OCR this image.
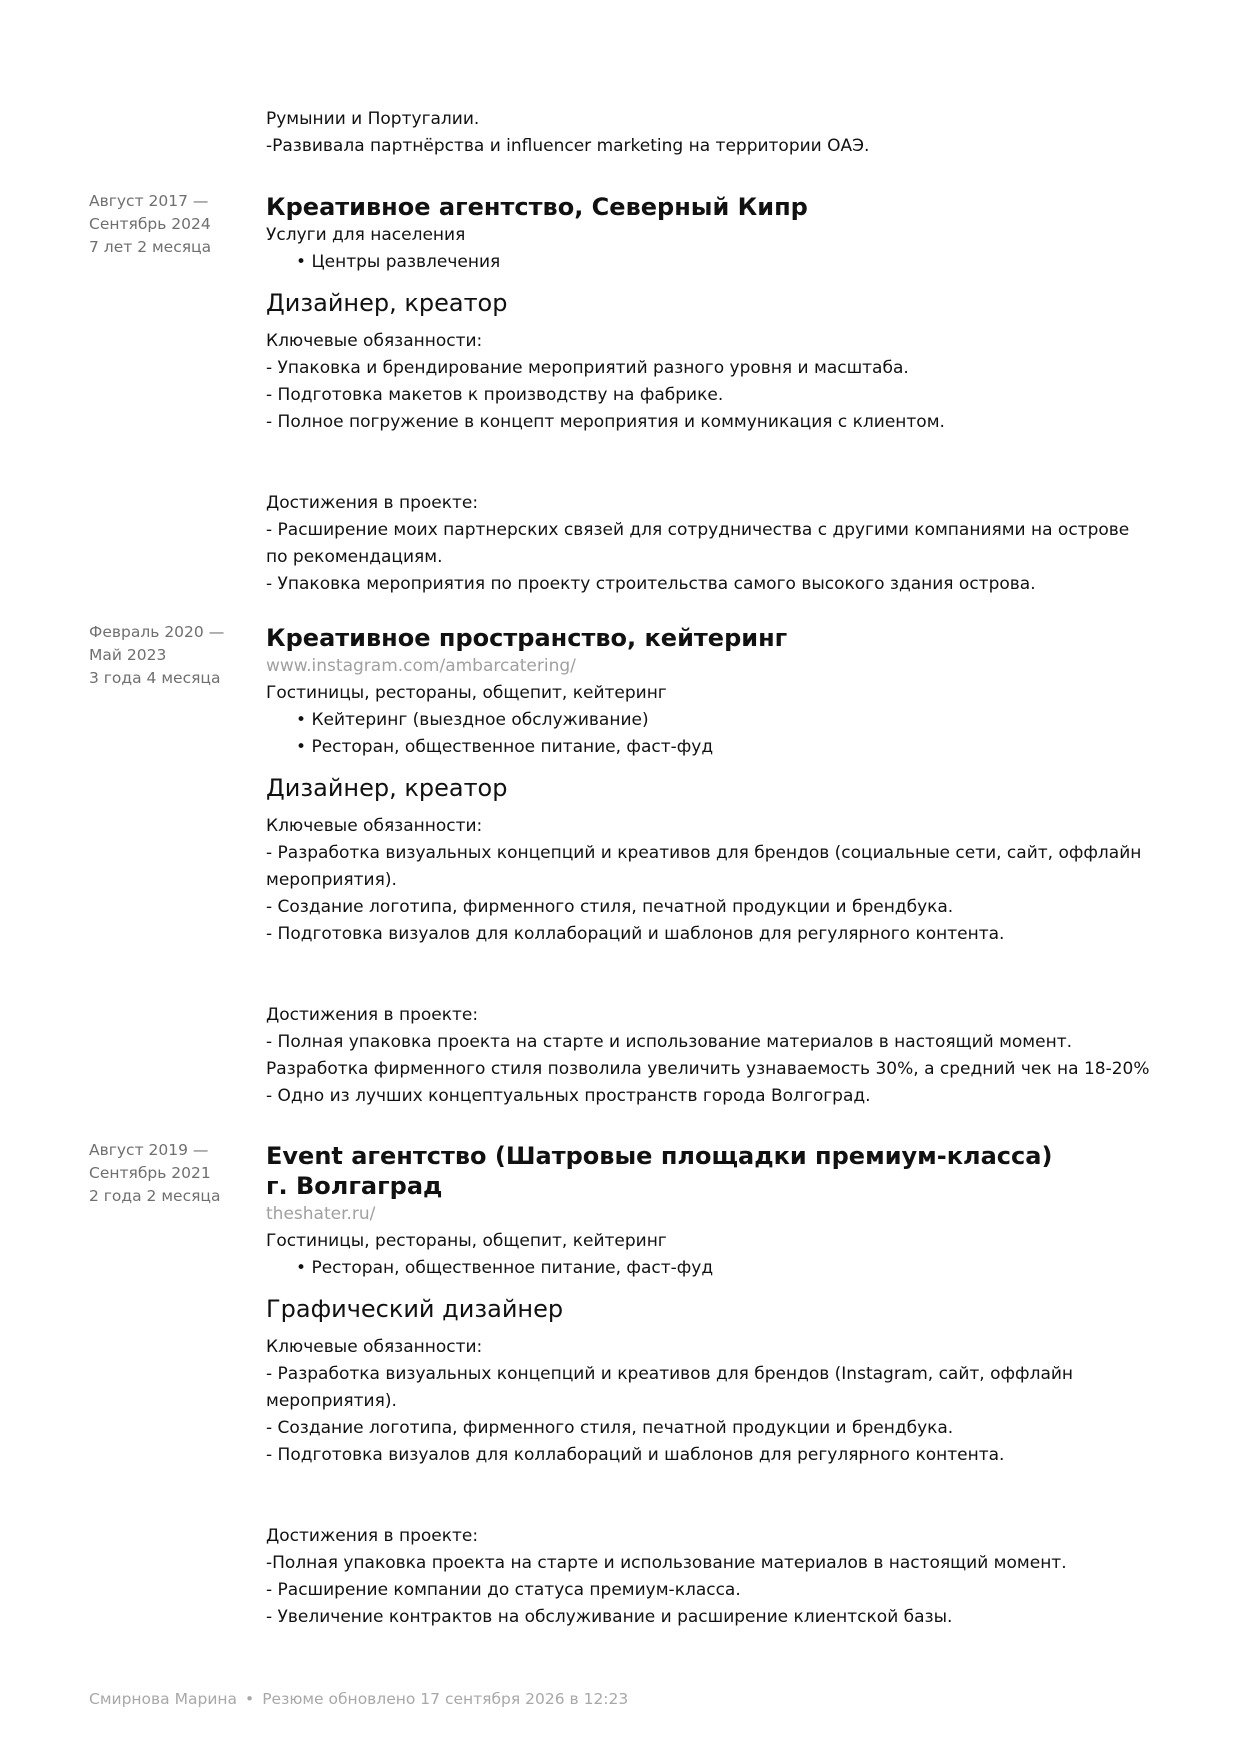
Румынии и Португалии.

-Развивала партнёрства и influencer marketing на территории ОАЭ.

Август 2017 —
Сентябрь 2024
7 лет 2 месяца
Креативное агентство, Северный Кипр

Услуги для населения

• Центры развлечения
Дизайнер, креатор

Ключевые обязанности:

- Упаковка и брендирование мероприятий разного уровня и масштаба.

- Подготовка макетов к производству на фабрике.

- Полное погружение в концепт мероприятия и коммуникация с клиентом.

Достижения в проекте:

- Расширение моих партнерских связей для сотрудничества с другими компаниями на острове

по рекомендациям.

- Упаковка мероприятия по проекту строительства самого высокого здания острова.

Февраль 2020 —
Май 2023
3 года 4 месяца
Креативное пространство, кейтеринг

www.instagram.com/ambarcatering/

Гостиницы, рестораны, общепит, кейтеринг

• Кейтеринг (выездное обслуживание)
• Ресторан, общественное питание, фаст-фуд
Дизайнер, креатор

Ключевые обязанности:

- Разработка визуальных концепций и креативов для брендов (социальные сети, сайт, оффлайн

мероприятия).

- Создание логотипа, фирменного стиля, печатной продукции и брендбука.

- Подготовка визуалов для коллабораций и шаблонов для регулярного контента.

Достижения в проекте:

- Полная упаковка проекта на старте и использование материалов в настоящий момент.

Разработка фирменного стиля позволила увеличить узнаваемость 30%, а средний чек на 18-20%

- Одно из лучших концептуальных пространств города Волгоград.

Август 2019 —
Сентябрь 2021
2 года 2 месяца
Event агентство (Шатровые площадки премиум-класса) г. Волгаград

theshater.ru/

Гостиницы, рестораны, общепит, кейтеринг

• Ресторан, общественное питание, фаст-фуд
Графический дизайнер

Ключевые обязанности:

- Разработка визуальных концепций и креативов для брендов (Instagram, сайт, оффлайн

мероприятия).

- Создание логотипа, фирменного стиля, печатной продукции и брендбука.

- Подготовка визуалов для коллабораций и шаблонов для регулярного контента.

Достижения в проекте:

-Полная упаковка проекта на старте и использование материалов в настоящий момент.

- Расширение компании до статуса премиум-класса.

- Увеличение контрактов на обслуживание и расширение клиентской базы.

Смирнова Марина • Резюме обновлено 17 сентября 2026 в 12:23
